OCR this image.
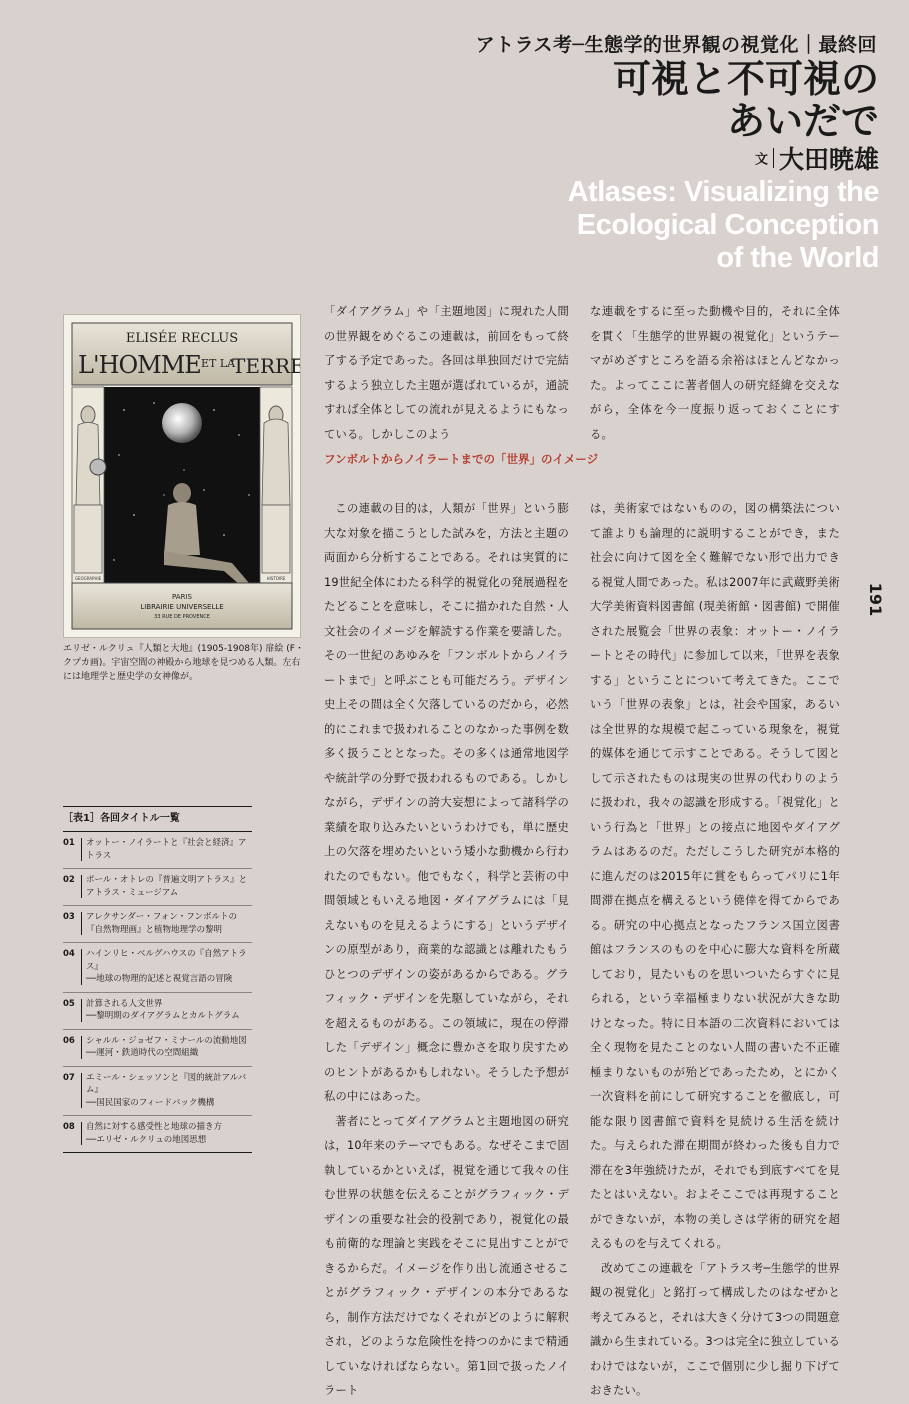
アトラス考─生態学的世界観の視覚化｜最終回
可視と不可視の
あいだで
文 大田暁雄
Atlases: Visualizing the
Ecological Conception
of the World
ELISÉE RECLUS
L'HOMME ET LA
TERRE
GEOGRAPHIE	HISTOIRE
PARIS
LIBRAIRIE UNIVERSELLE
33 RUE DE PROVENCE
エリゼ・ルクリュ『人類と大地』(1905-1908年) 扉絵 (F・クプカ画)。宇宙空間の神殿から地球を見つめる人類。左右には地理学と歴史学の女神像が。

「ダイアグラム」や「主題地図」に現れた人間の世界観をめぐるこの連載は，前回をもって終了する予定であった。各回は単独回だけで完結するよう独立した主題が選ばれているが，通読すれば全体としての流れが見えるようにもなっている。しかしこのよう

な連載をするに至った動機や目的，それに全体を貫く「生態学的世界観の視覚化」というテーマがめざすところを語る余裕はほとんどなかった。よってここに著者個人の研究経緯を交えながら，全体を今一度振り返っておくことにする。

フンボルトからノイラートまでの「世界」のイメージ

この連載の目的は，人類が「世界」という膨大な対象を描こうとした試みを，方法と主題の両面から分析することである。それは実質的に19世紀全体にわたる科学的視覚化の発展過程をたどることを意味し，そこに描かれた自然・人文社会のイメージを解読する作業を要請した。その一世紀のあゆみを「フンボルトからノイラートまで」と呼ぶことも可能だろう。デザイン史上その間は全く欠落しているのだから，必然的にこれまで扱われることのなかった事例を数多く扱うこととなった。その多くは通常地図学や統計学の分野で扱われるものである。しかしながら，デザインの誇大妄想によって諸科学の業績を取り込みたいというわけでも，単に歴史上の欠落を埋めたいという矮小な動機から行われたのでもない。他でもなく，科学と芸術の中間領域ともいえる地図・ダイアグラムには「見えないものを見えるようにする」というデザインの原型があり，商業的な認識とは離れたもうひとつのデザインの姿があるからである。グラフィック・デザインを先駆していながら，それを超えるものがある。この領域に，現在の停滞した「デザイン」概念に豊かさを取り戻すためのヒントがあるかもしれない。そうした予想が私の中にはあった。

著者にとってダイアグラムと主題地図の研究は，10年来のテーマでもある。なぜそこまで固執しているかといえば，視覚を通じて我々の住む世界の状態を伝えることがグラフィック・デザインの重要な社会的役割であり，視覚化の最も前衛的な理論と実践をそこに見出すことができるからだ。イメージを作り出し流通させることがグラフィック・デザインの本分であるなら，制作方法だけでなくそれがどのように解釈され，どのような危険性を持つのかにまで精通していなければならない。第1回で扱ったノイラート

は，美術家ではないものの，図の構築法について誰よりも論理的に説明することができ，また社会に向けて図を全く難解でない形で出力できる視覚人間であった。私は2007年に武蔵野美術大学美術資料図書館 (現美術館・図書館) で開催された展覧会「世界の表象：オットー・ノイラートとその時代」に参加して以来，「世界を表象する」ということについて考えてきた。ここでいう「世界の表象」とは，社会や国家，あるいは全世界的な規模で起こっている現象を，視覚的媒体を通じて示すことである。そうして図として示されたものは現実の世界の代わりのように扱われ，我々の認識を形成する。「視覚化」という行為と「世界」との接点に地図やダイアグラムはあるのだ。ただしこうした研究が本格的に進んだのは2015年に賞をもらってパリに1年間滞在拠点を構えるという僥倖を得てからである。研究の中心拠点となったフランス国立図書館はフランスのものを中心に膨大な資料を所蔵しており，見たいものを思いついたらすぐに見られる，という幸福極まりない状況が大きな助けとなった。特に日本語の二次資料においては全く現物を見たことのない人間の書いた不正確極まりないものが殆どであったため，とにかく一次資料を前にして研究することを徹底し，可能な限り図書館で資料を見続ける生活を続けた。与えられた滞在期間が終わった後も自力で滞在を3年強続けたが，それでも到底すべてを見たとはいえない。およそここでは再現することができないが，本物の美しさは学術的研究を超えるものを与えてくれる。

改めてこの連載を「アトラス考─生態学的世界観の視覚化」と銘打って構成したのはなぜかと考えてみると，それは大きく分けて3つの問題意識から生まれている。3つは完全に独立しているわけではないが，ここで個別に少し掘り下げておきたい。

191
［表1］各回タイトル一覧
01	オットー・ノイラートと『社会と経済』アトラス
02	ポール・オトレの『普遍文明アトラス』と
アトラス・ミュージアム
03	アレクサンダー・フォン・フンボルトの
『自然物理画』と植物地理学の黎明
04	ハインリヒ・ベルグハウスの『自然アトラス』
──地球の物理的記述と視覚言語の冒険
05	計算される人文世界
──黎明期のダイアグラムとカルトグラム
06	シャルル・ジョゼフ・ミナールの流動地図
──運河・鉄道時代の空間組織
07	エミール・シェッソンと『図的統計アルバム』
──国民国家のフィードバック機構
08	自然に対する感受性と地球の描き方
──エリゼ・ルクリュの地図思想
